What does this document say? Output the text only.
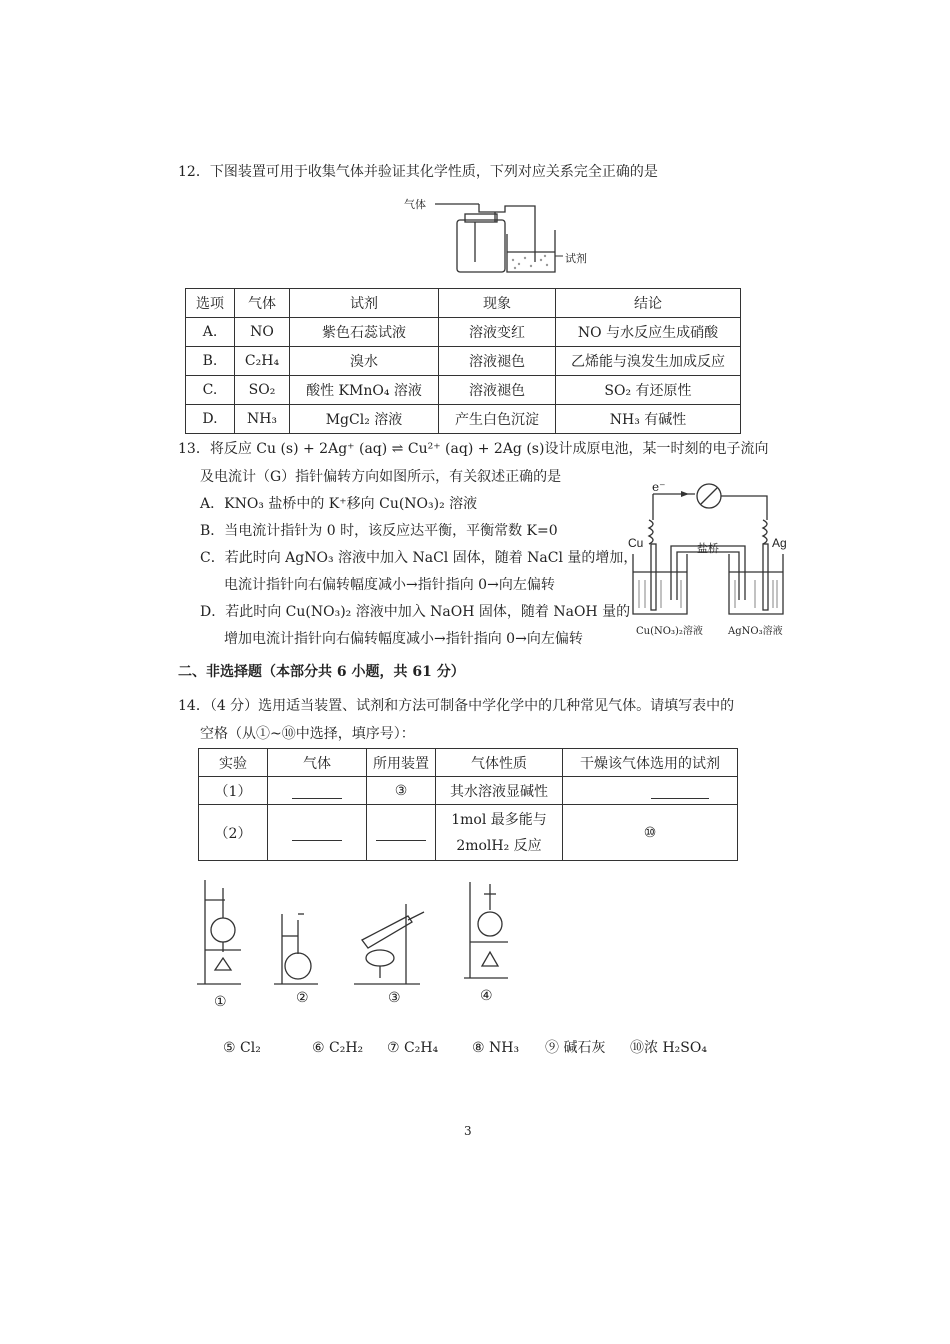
12．下图装置可用于收集气体并验证其化学性质，下列对应关系完全正确的是
气体
试剂
选项	气体	试剂	现象	结论
A.	NO	紫色石蕊试液	溶液变红	NO 与水反应生成硝酸
B.	C₂H₄	溴水	溶液褪色	乙烯能与溴发生加成反应
C.	SO₂	酸性 KMnO₄ 溶液	溶液褪色	SO₂ 有还原性
D.	NH₃	MgCl₂ 溶液	产生白色沉淀	NH₃ 有碱性
13．将反应 Cu (s) + 2Ag⁺ (aq) ⇌ Cu²⁺ (aq) + 2Ag (s)设计成原电池，某一时刻的电子流向
及电流计（G）指针偏转方向如图所示，有关叙述正确的是
A．KNO₃ 盐桥中的 K⁺移向 Cu(NO₃)₂ 溶液
B．当电流计指针为 0 时，该反应达平衡，平衡常数 K=0
C．若此时向 AgNO₃ 溶液中加入 NaCl 固体，随着 NaCl 量的增加，
电流计指针向右偏转幅度减小→指针指向 0→向左偏转
D．若此时向 Cu(NO₃)₂ 溶液中加入 NaOH 固体，随着 NaOH 量的
增加电流计指针向右偏转幅度减小→指针指向 0→向左偏转
e⁻
Cu	Ag
盐桥
Cu(NO₃)₂溶液	AgNO₃溶液
二、非选择题（本部分共 6 小题，共 61 分）
14．（4 分）选用适当装置、试剂和方法可制备中学化学中的几种常见气体。请填写表中的
空格（从①~⑩中选择，填序号）：
实验	气体	所用装置	气体性质	干燥该气体选用的试剂
（1）		③	其水溶液显碱性	
（2）			1mol 最多能与
2molH₂ 反应	⑩
①	②	③	④
⑤ Cl₂	⑥ C₂H₂ ⑦ C₂H₄ ⑧ NH₃ ⑨ 碱石灰 ⑩浓 H₂SO₄
3
